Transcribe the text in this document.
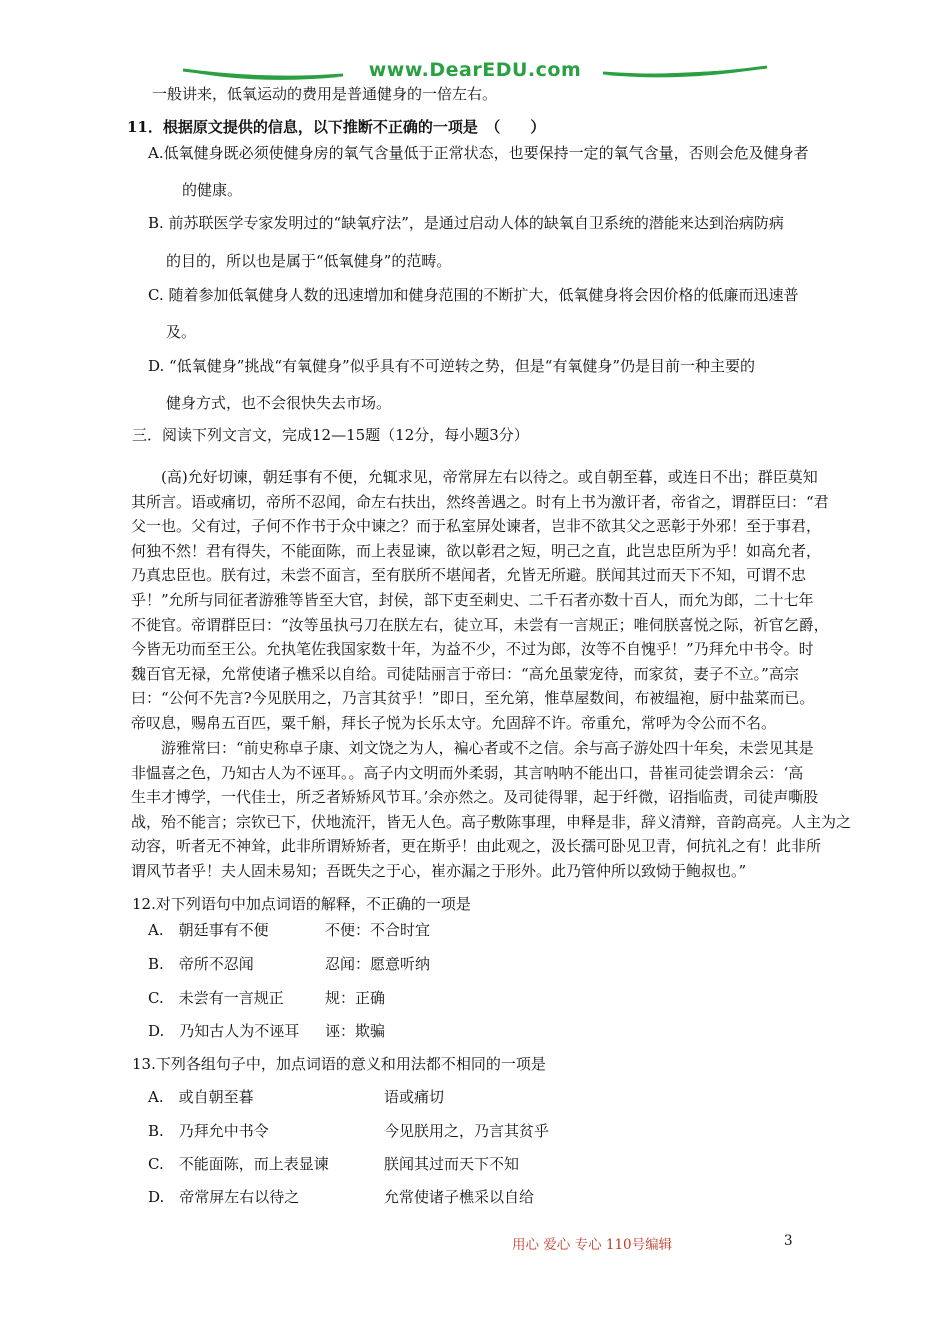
www.DearEDU.com
一般讲来，低氧运动的费用是普通健身的一倍左右。
11．根据原文提供的信息，以下推断不正确的一项是　（　　）
A.低氧健身既必须使健身房的氧气含量低于正常状态，也要保持一定的氧气含量，否则会危及健身者
的健康。
B. 前苏联医学专家发明过的“缺氧疗法”，是通过启动人体的缺氧自卫系统的潜能来达到治病防病
的目的，所以也是属于“低氧健身”的范畴。
C. 随着参加低氧健身人数的迅速增加和健身范围的不断扩大，低氧健身将会因价格的低廉而迅速普
及。
D. “低氧健身”挑战“有氧健身”似乎具有不可逆转之势，但是“有氧健身”仍是目前一种主要的
健身方式，也不会很快失去市场。
三．阅读下列文言文，完成12—15题（12分，每小题3分）

　　(高)允好切谏，朝廷事有不便，允辄求见，帝常屏左右以待之。或自朝至暮，或连日不出；群臣莫知

其所言。语或痛切，帝所不忍闻，命左右扶出，然终善遇之。时有上书为激讦者，帝省之，谓群臣曰：“君

父一也。父有过，子何不作书于众中谏之？而于私室屏处谏者，岂非不欲其父之恶彰于外邪！至于事君，

何独不然！君有得失，不能面陈，而上表显谏，欲以彰君之短，明己之直，此岂忠臣所为乎！如高允者，

乃真忠臣也。朕有过，未尝不面言，至有朕所不堪闻者，允皆无所避。朕闻其过而天下不知，可谓不忠

乎！”允所与同征者游雅等皆至大官，封侯，部下吏至刺史、二千石者亦数十百人，而允为郎，二十七年

不徙官。帝谓群臣曰：“汝等虽执弓刀在朕左右，徒立耳，未尝有一言规正；唯伺朕喜悦之际，祈官乞爵，

今皆无功而至王公。允执笔佐我国家数十年，为益不少，不过为郎，汝等不自愧乎！”乃拜允中书令。时

魏百官无禄，允常使诸子樵采以自给。司徒陆丽言于帝曰：“高允虽蒙宠待，而家贫，妻子不立。”高宗

曰：“公何不先言?今见朕用之，乃言其贫乎！”即日，至允第，惟草屋数间，布被缊袍，厨中盐菜而已。

帝叹息，赐帛五百匹，粟千斛，拜长子悦为长乐太守。允固辞不许。帝重允，常呼为令公而不名。

　　游雅常曰：“前史称卓子康、刘文饶之为人，褊心者或不之信。余与高子游处四十年矣，未尝见其是

非愠喜之色，乃知古人为不诬耳。。高子内文明而外柔弱，其言呐呐不能出口，昔崔司徒尝谓余云：‘高

生丰才博学，一代佳士，所乏者矫矫风节耳。’余亦然之。及司徒得罪，起于纤微，诏指临责，司徒声嘶股

战，殆不能言；宗钦已下，伏地流汗，皆无人色。高子敷陈事理，申释是非，辞义清辩，音韵高亮。人主为之

动容，听者无不神耸，此非所谓矫矫者，更在斯乎！由此观之，汲长孺可卧见卫青，何抗礼之有！此非所

谓风节者乎！夫人固未易知；吾既失之于心，崔亦漏之于形外。此乃管仲所以致恸于鲍叔也。”

12.对下列语句中加点词语的解释，不正确的一项是
A.　朝廷事有不便	不便：不合时宜
B.　帝所不忍闻	忍闻：愿意听纳
C.　未尝有一言规正	规：正确
D.　乃知古人为不诬耳 诬：欺骗
13.下列各组句子中，加点词语的意义和用法都不相同的一项是
A.　或自朝至暮	语或痛切
B.　乃拜允中书令	今见朕用之，乃言其贫乎
C.　不能面陈，而上表显谏	朕闻其过而天下不知
D.　帝常屏左右以待之	允常使诸子樵采以自给
用心 爱心 专心 110号编辑	3
